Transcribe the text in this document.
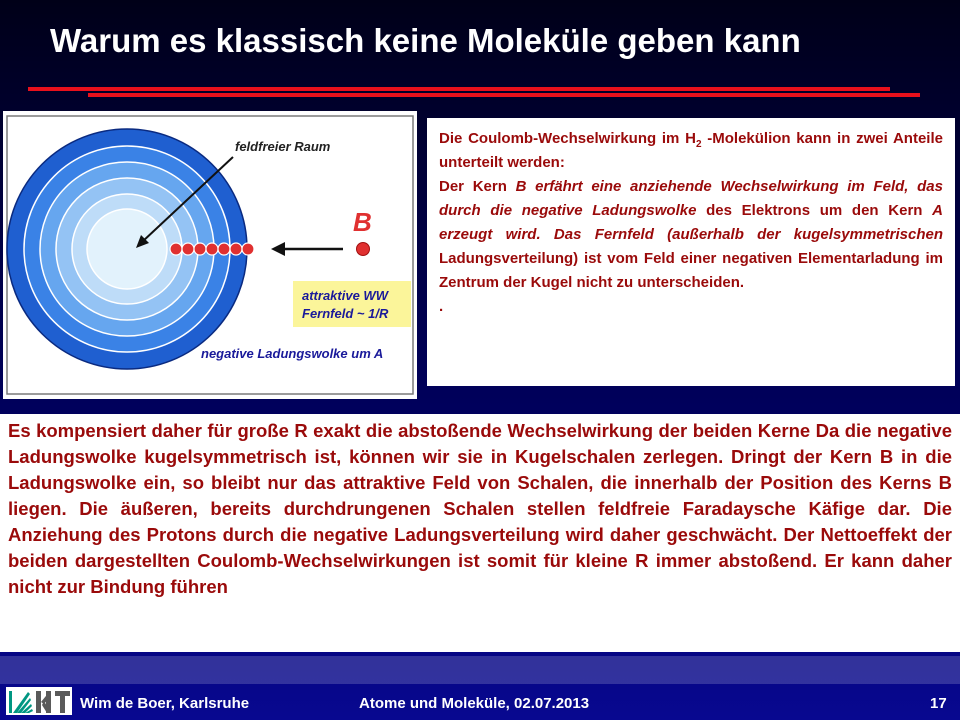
Warum es klassisch keine Moleküle geben kann
feldfreier Raum
B
attraktive WW
Fernfeld ~ 1/R
negative Ladungswolke um A

Die Coulomb-Wechselwirkung im $H_2$ -Molekülion kann in zwei Anteile unterteilt werden:

Der Kern B erfährt eine anziehende Wechselwirkung im Feld, das durch die negative Ladungswolke des Elektrons um den Kern A erzeugt wird. Das Fernfeld (außerhalb der kugelsymmetrischen Ladungsverteilung) ist vom Feld einer negativen Elementarladung im Zentrum der Kugel nicht zu unterscheiden.

.

Es kompensiert daher für große R exakt die abstoßende Wechselwirkung der beiden Kerne Da die negative Ladungswolke kugelsymmetrisch ist, können wir sie in Kugelschalen zerlegen. Dringt der Kern B in die Ladungswolke ein, so bleibt nur das attraktive Feld von Schalen, die innerhalb der Position des Kerns B liegen. Die äußeren, bereits durchdrungenen Schalen stellen feldfreie Faradaysche Käfige dar. Die Anziehung des Protons durch die negative Ladungsverteilung wird daher geschwächt. Der Nettoeffekt der beiden dargestellten Coulomb-Wechselwirkungen ist somit für kleine R immer abstoßend. Er kann daher nicht zur Bindung führen

Wim de Boer, Karlsruhe	Atome und Moleküle, 02.07.2013	17
